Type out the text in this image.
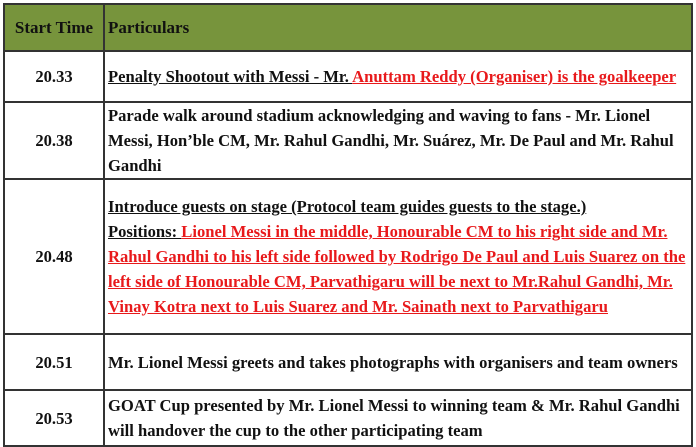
Start Time	Particulars
20.33	Penalty Shootout with Messi - Mr. Anuttam Reddy (Organiser) is the goalkeeper
20.38	Parade walk around stadium acknowledging and waving to fans - Mr. Lionel Messi, Hon’ble CM, Mr. Rahul Gandhi, Mr. Suárez, Mr. De Paul and Mr. Rahul Gandhi
20.48	Introduce guests on stage (Protocol team guides guests to the stage.)
Positions: Lionel Messi in the middle, Honourable CM to his right side and Mr. Rahul Gandhi to his left side followed by Rodrigo De Paul and Luis Suarez on the left side of Honourable CM, Parvathigaru will be next to Mr.Rahul Gandhi, Mr. Vinay Kotra next to Luis Suarez and Mr. Sainath next to Parvathigaru
20.51	Mr. Lionel Messi greets and takes photographs with organisers and team owners
20.53	GOAT Cup presented by Mr. Lionel Messi to winning team & Mr. Rahul Gandhi will handover the cup to the other participating team
